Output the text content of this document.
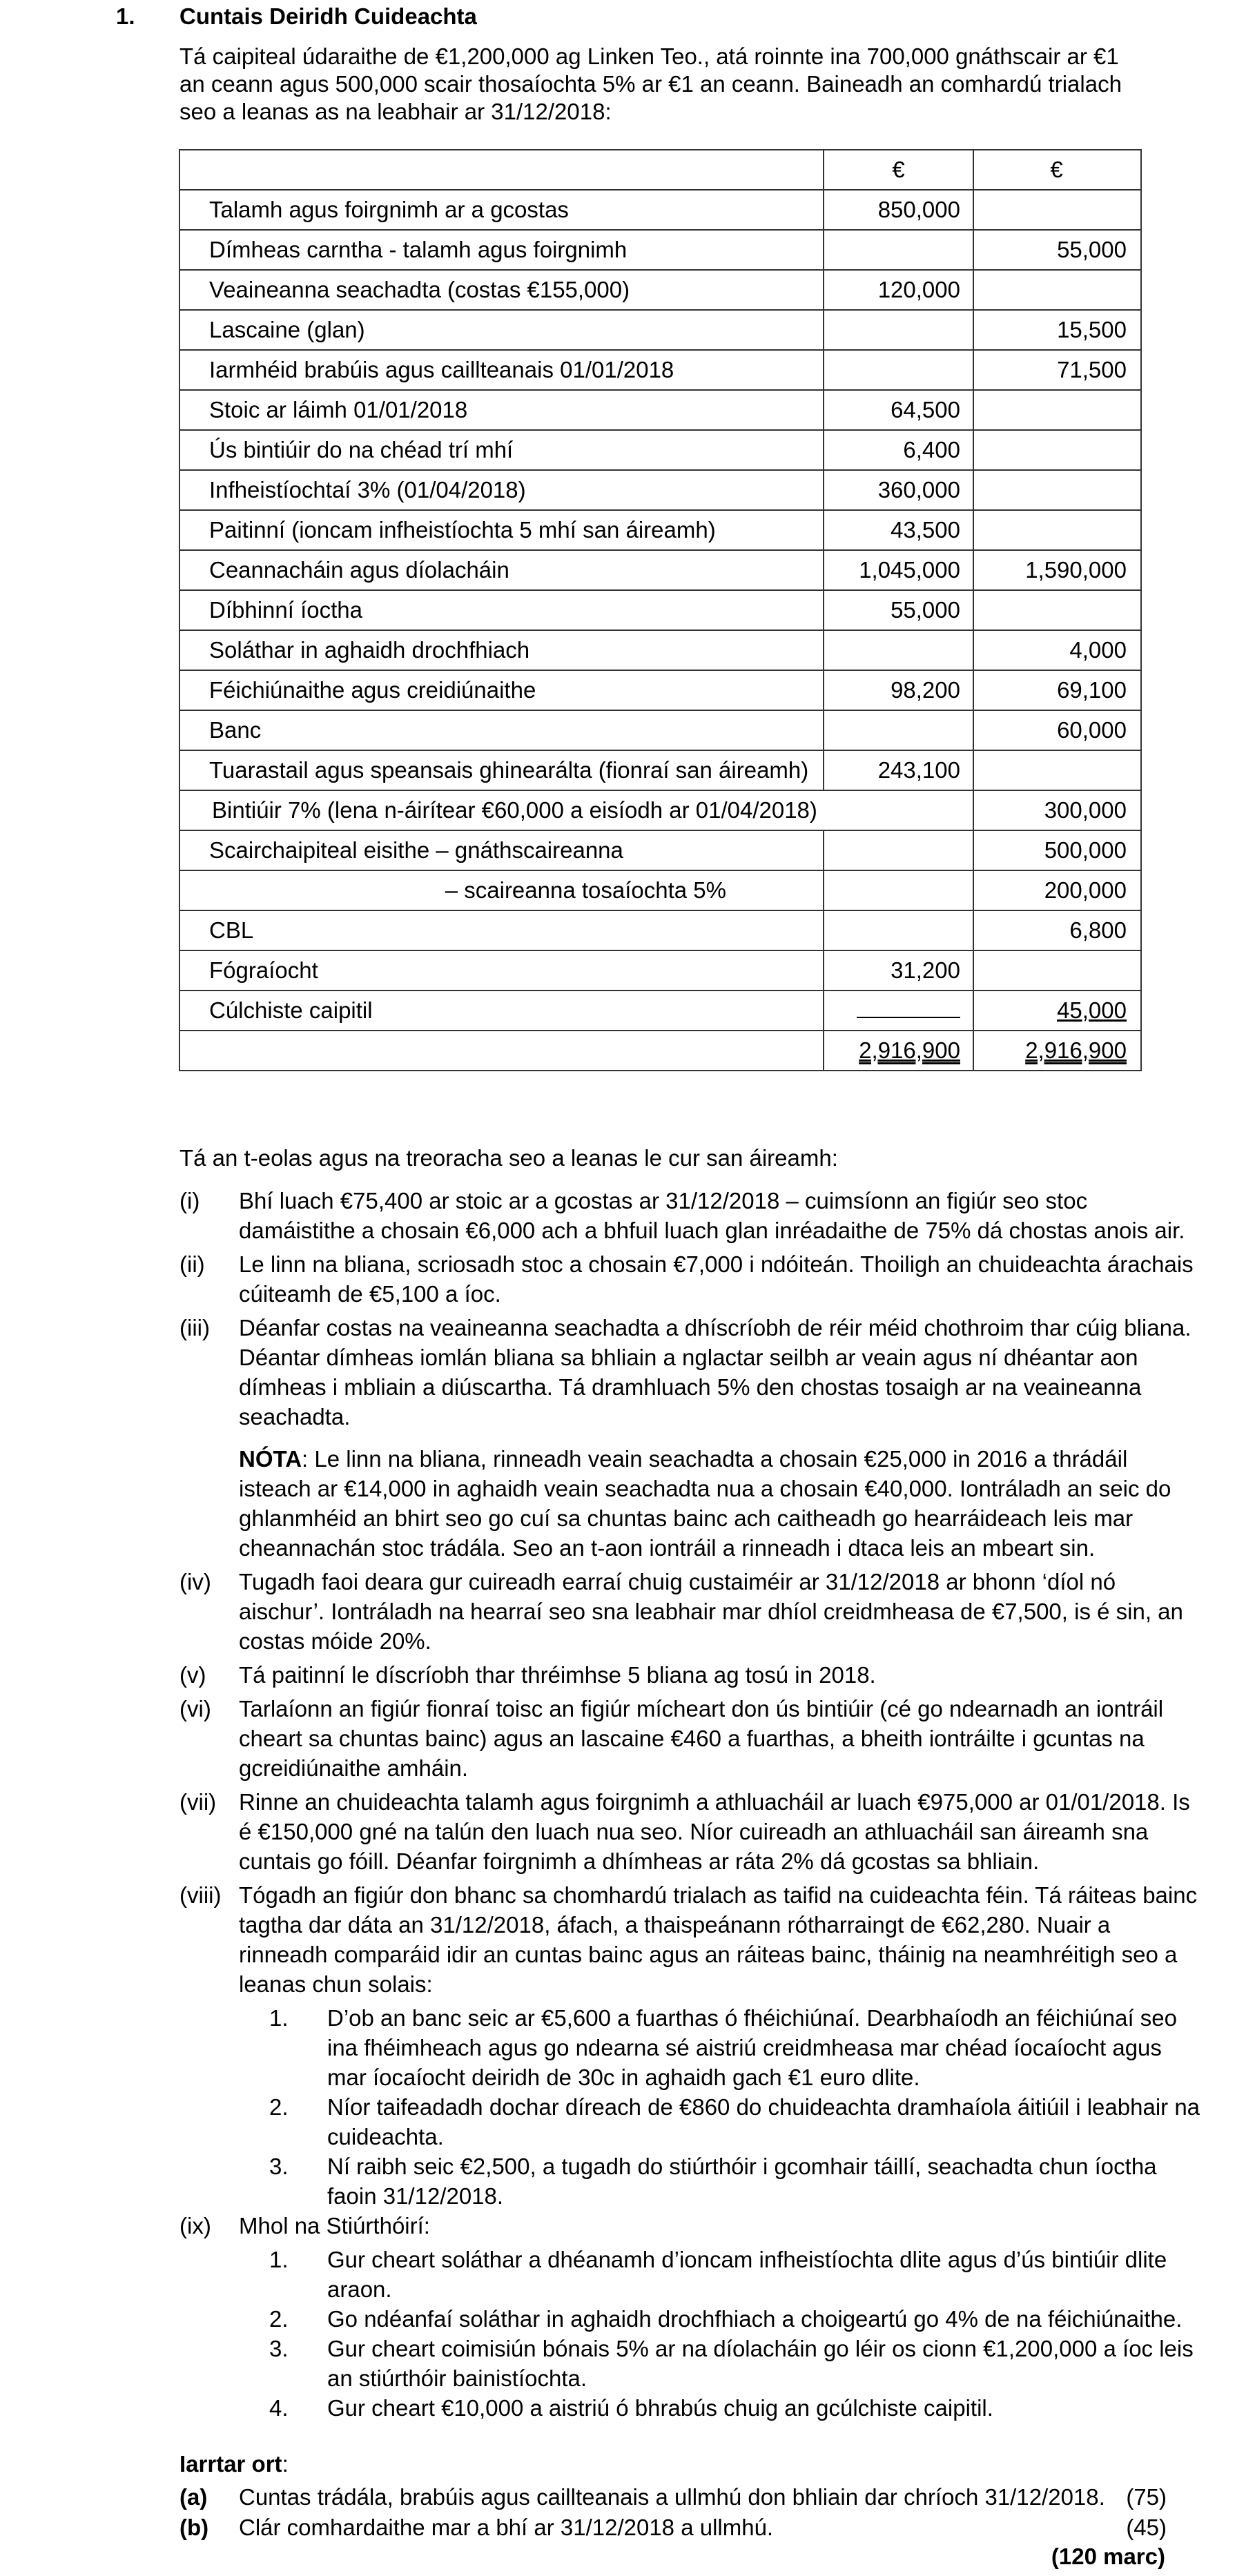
1. Cuntais Deiridh Cuideachta
Tá caipiteal údaraithe de €1,200,000 ag Linken Teo., atá roinnte ina 700,000 gnáthscair ar €1 an ceann agus 500,000 scair thosaíochta 5% ar €1 an ceann. Baineadh an comhardú trialach seo a leanas as na leabhair ar 31/12/2018:
	€	€
Talamh agus foirgnimh ar a gcostas	850,000	
Dímheas carntha - talamh agus foirgnimh		55,000
Veaineanna seachadta (costas €155,000)	120,000	
Lascaine (glan)		15,500
Iarmhéid brabúis agus caillteanais 01/01/2018		71,500
Stoic ar láimh 01/01/2018	64,500	
Ús bintiúir do na chéad trí mhí	6,400	
Infheistíochtaí 3% (01/04/2018)	360,000	
Paitinní (ioncam infheistíochta 5 mhí san áireamh)	43,500	
Ceannacháin agus díolacháin	1,045,000	1,590,000
Díbhinní íoctha	55,000	
Soláthar in aghaidh drochfhiach		4,000
Féichiúnaithe agus creidiúnaithe	98,200	69,100
Banc		60,000
Tuarastail agus speansais ghinearálta (fionraí san áireamh)	243,100	
Bintiúir 7% (lena n-áirítear €60,000 a eisíodh ar 01/04/2018)		300,000
Scairchaipiteal eisithe – gnáthscaireanna		500,000
– scaireanna tosaíochta 5%		200,000
CBL		6,800
Fógraíocht	31,200	
Cúlchiste caipitil		45,000
	2,916,900	2,916,900
Tá an t-eolas agus na treoracha seo a leanas le cur san áireamh:
(i)	Bhí luach €75,400 ar stoic ar a gcostas ar 31/12/2018 – cuimsíonn an figiúr seo stoc damáistithe a chosain €6,000 ach a bhfuil luach glan inréadaithe de 75% dá chostas anois air.
(ii)	Le linn na bliana, scriosadh stoc a chosain €7,000 i ndóiteán. Thoiligh an chuideachta árachais cúiteamh de €5,100 a íoc.
(iii)	Déanfar costas na veaineanna seachadta a dhíscríobh de réir méid chothroim thar cúig bliana. Déantar dímheas iomlán bliana sa bhliain a nglactar seilbh ar veain agus ní dhéantar aon dímheas i mbliain a diúscartha. Tá dramhluach 5% den chostas tosaigh ar na veaineanna seachadta.
NÓTA: Le linn na bliana, rinneadh veain seachadta a chosain €25,000 in 2016 a thrádáil isteach ar €14,000 in aghaidh veain seachadta nua a chosain €40,000. Iontráladh an seic do ghlanmhéid an bhirt seo go cuí sa chuntas bainc ach caitheadh go hearráideach leis mar cheannachán stoc trádála. Seo an t-aon iontráil a rinneadh i dtaca leis an mbeart sin.
(iv)	Tugadh faoi deara gur cuireadh earraí chuig custaiméir ar 31/12/2018 ar bhonn ‘díol nó aischur’. Iontráladh na hearraí seo sna leabhair mar dhíol creidmheasa de €7,500, is é sin, an costas móide 20%.
(v)	Tá paitinní le díscríobh thar thréimhse 5 bliana ag tosú in 2018.
(vi)	Tarlaíonn an figiúr fionraí toisc an figiúr mícheart don ús bintiúir (cé go ndearnadh an iontráil cheart sa chuntas bainc) agus an lascaine €460 a fuarthas, a bheith iontráilte i gcuntas na gcreidiúnaithe amháin.
(vii) Rinne an chuideachta talamh agus foirgnimh a athluacháil ar luach €975,000 ar 01/01/2018. Is é €150,000 gné na talún den luach nua seo. Níor cuireadh an athluacháil san áireamh sna cuntais go fóill. Déanfar foirgnimh a dhímheas ar ráta 2% dá gcostas sa bhliain.
(viii) Tógadh an figiúr don bhanc sa chomhardú trialach as taifid na cuideachta féin. Tá ráiteas bainc tagtha dar dáta an 31/12/2018, áfach, a thaispeánann rótharraingt de €62,280. Nuair a rinneadh comparáid idir an cuntas bainc agus an ráiteas bainc, tháinig na neamhréitigh seo a leanas chun solais:
1.	D’ob an banc seic ar €5,600 a fuarthas ó fhéichiúnaí. Dearbhaíodh an féichiúnaí seo ina fhéimheach agus go ndearna sé aistriú creidmheasa mar chéad íocaíocht agus mar íocaíocht deiridh de 30c in aghaidh gach €1 euro dlite.
2.	Níor taifeadadh dochar díreach de €860 do chuideachta dramhaíola áitiúil i leabhair na cuideachta.
3.	Ní raibh seic €2,500, a tugadh do stiúrthóir i gcomhair táillí, seachadta chun íoctha faoin 31/12/2018.
(ix)	Mhol na Stiúrthóirí:
1.	Gur cheart soláthar a dhéanamh d’ioncam infheistíochta dlite agus d’ús bintiúir dlite araon.
2.	Go ndéanfaí soláthar in aghaidh drochfhiach a choigeartú go 4% de na féichiúnaithe.
3.	Gur cheart coimisiún bónais 5% ar na díolacháin go léir os cionn €1,200,000 a íoc leis an stiúrthóir bainistíochta.
4.	Gur cheart €10,000 a aistriú ó bhrabús chuig an gcúlchiste caipitil.
Iarrtar ort:
(a)	Cuntas trádála, brabúis agus caillteanais a ullmhú don bhliain dar chríoch 31/12/2018. (75)
(b)	Clár comhardaithe mar a bhí ar 31/12/2018 a ullmhú.	(45)
(120 marc)
